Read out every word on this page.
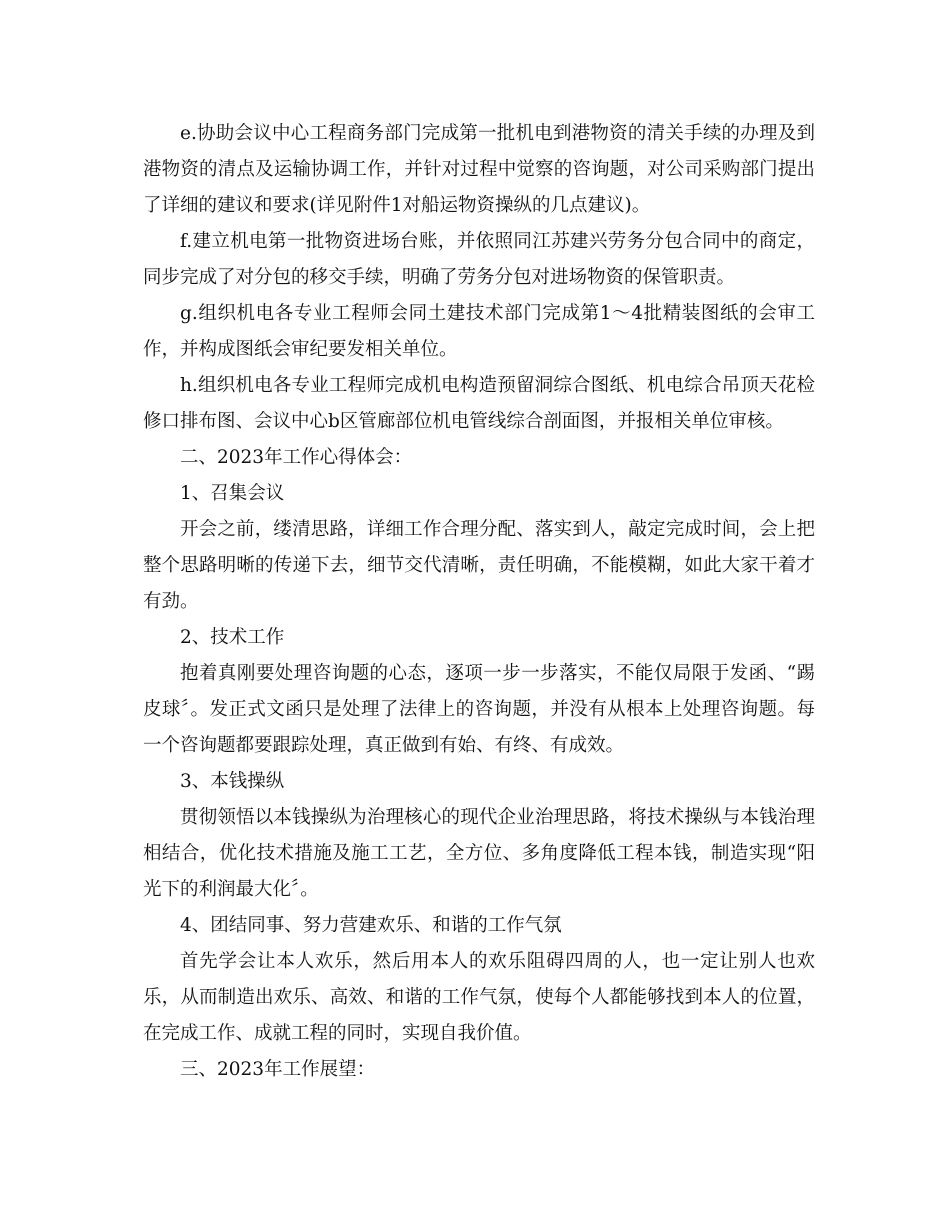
e.协助会议中心工程商务部门完成第一批机电到港物资的清关手续的办理及到港物资的清点及运输协调工作，并针对过程中觉察的咨询题，对公司采购部门提出了详细的建议和要求(详见附件1对船运物资操纵的几点建议)。

f.建立机电第一批物资进场台账，并依照同江苏建兴劳务分包合同中的商定，同步完成了对分包的移交手续，明确了劳务分包对进场物资的保管职责。

g.组织机电各专业工程师会同土建技术部门完成第1～4批精装图纸的会审工作，并构成图纸会审纪要发相关单位。

h.组织机电各专业工程师完成机电构造预留洞综合图纸、机电综合吊顶天花检修口排布图、会议中心b区管廊部位机电管线综合剖面图，并报相关单位审核。

二、2023年工作心得体会：

1、召集会议

开会之前，缕清思路，详细工作合理分配、落实到人，敲定完成时间，会上把整个思路明晰的传递下去，细节交代清晰，责任明确，不能模糊，如此大家干着才有劲。

2、技术工作

抱着真刚要处理咨询题的心态，逐项一步一步落实，不能仅局限于发函、“踢皮球〞。发正式文函只是处理了法律上的咨询题，并没有从根本上处理咨询题。每一个咨询题都要跟踪处理，真正做到有始、有终、有成效。

3、本钱操纵

贯彻领悟以本钱操纵为治理核心的现代企业治理思路，将技术操纵与本钱治理相结合，优化技术措施及施工工艺，全方位、多角度降低工程本钱，制造实现“阳光下的利润最大化〞。

4、团结同事、努力营建欢乐、和谐的工作气氛

首先学会让本人欢乐，然后用本人的欢乐阻碍四周的人，也一定让别人也欢乐，从而制造出欢乐、高效、和谐的工作气氛，使每个人都能够找到本人的位置，在完成工作、成就工程的同时，实现自我价值。

三、2023年工作展望：
